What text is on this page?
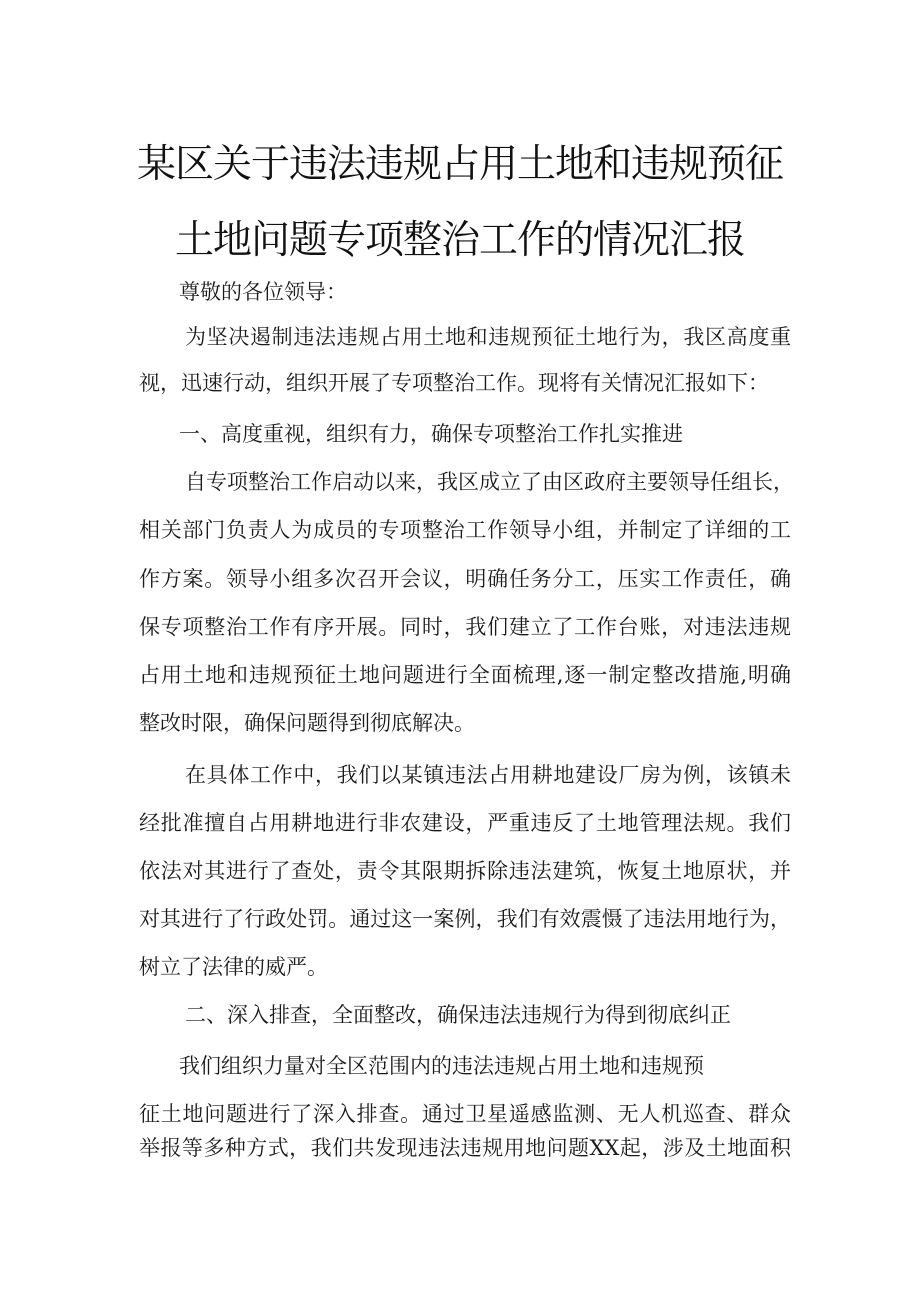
某区关于违法违规占用土地和违规预征
土地问题专项整治工作的情况汇报
尊敬的各位领导：
为坚决遏制违法违规占用土地和违规预征土地行为，我区高度重
视，迅速行动，组织开展了专项整治工作。现将有关情况汇报如下：
一、高度重视，组织有力，确保专项整治工作扎实推进
自专项整治工作启动以来，我区成立了由区政府主要领导任组长，
相关部门负责人为成员的专项整治工作领导小组，并制定了详细的工
作方案。领导小组多次召开会议，明确任务分工，压实工作责任，确
保专项整治工作有序开展。同时，我们建立了工作台账，对违法违规
占用土地和违规预征土地问题进行全面梳理,逐一制定整改措施,明确
整改时限，确保问题得到彻底解决。
在具体工作中，我们以某镇违法占用耕地建设厂房为例，该镇未
经批准擅自占用耕地进行非农建设，严重违反了土地管理法规。我们
依法对其进行了查处，责令其限期拆除违法建筑，恢复土地原状，并
对其进行了行政处罚。通过这一案例，我们有效震慑了违法用地行为，
树立了法律的威严。
二、深入排查，全面整改，确保违法违规行为得到彻底纠正
我们组织力量对全区范围内的违法违规占用土地和违规预
征土地问题进行了深入排查。通过卫星遥感监测、无人机巡查、群众
举报等多种方式，我们共发现违法违规用地问题XX起，涉及土地面积
